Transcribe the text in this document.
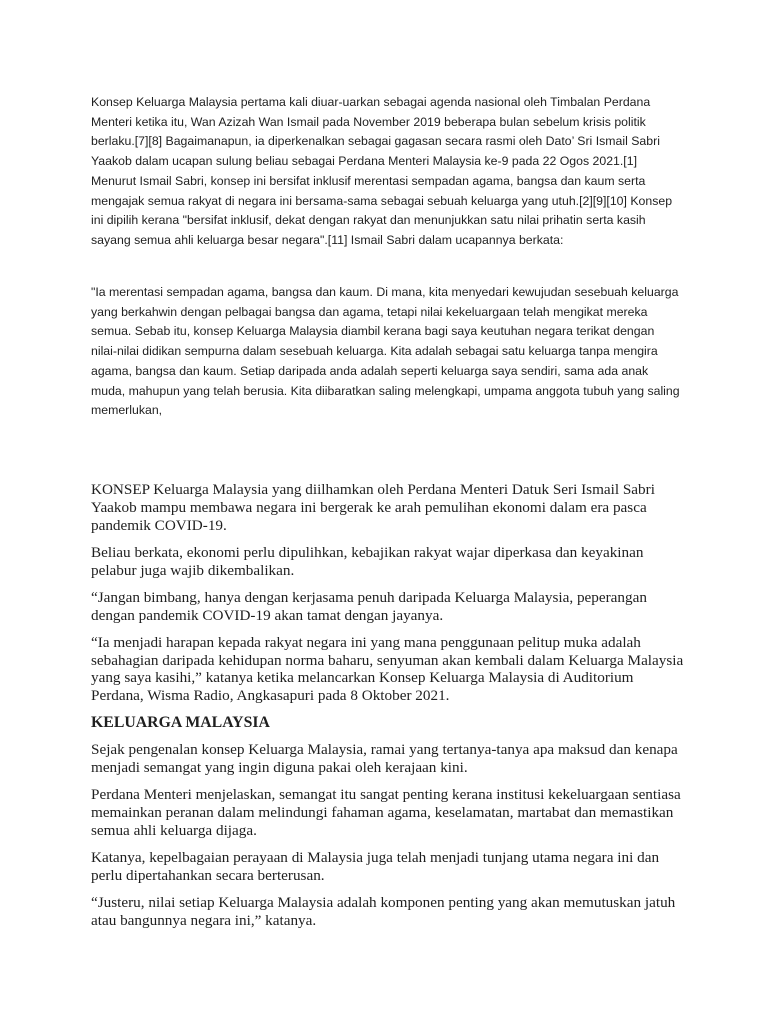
Konsep Keluarga Malaysia pertama kali diuar-uarkan sebagai agenda nasional oleh Timbalan Perdana Menteri ketika itu, Wan Azizah Wan Ismail pada November 2019 beberapa bulan sebelum krisis politik berlaku.[7][8] Bagaimanapun, ia diperkenalkan sebagai gagasan secara rasmi oleh Dato’ Sri Ismail Sabri Yaakob dalam ucapan sulung beliau sebagai Perdana Menteri Malaysia ke-9 pada 22 Ogos 2021.[1] Menurut Ismail Sabri, konsep ini bersifat inklusif merentasi sempadan agama, bangsa dan kaum serta mengajak semua rakyat di negara ini bersama-sama sebagai sebuah keluarga yang utuh.[2][9][10] Konsep ini dipilih kerana "bersifat inklusif, dekat dengan rakyat dan menunjukkan satu nilai prihatin serta kasih sayang semua ahli keluarga besar negara".[11] Ismail Sabri dalam ucapannya berkata:

"Ia merentasi sempadan agama, bangsa dan kaum. Di mana, kita menyedari kewujudan sesebuah keluarga yang berkahwin dengan pelbagai bangsa dan agama, tetapi nilai kekeluargaan telah mengikat mereka semua. Sebab itu, konsep Keluarga Malaysia diambil kerana bagi saya keutuhan negara terikat dengan nilai-nilai didikan sempurna dalam sesebuah keluarga. Kita adalah sebagai satu keluarga tanpa mengira agama, bangsa dan kaum. Setiap daripada anda adalah seperti keluarga saya sendiri, sama ada anak muda, mahupun yang telah berusia. Kita diibaratkan saling melengkapi, umpama anggota tubuh yang saling memerlukan,

KONSEP Keluarga Malaysia yang diilhamkan oleh Perdana Menteri Datuk Seri Ismail Sabri Yaakob mampu membawa negara ini bergerak ke arah pemulihan ekonomi dalam era pasca pandemik COVID-19.

Beliau berkata, ekonomi perlu dipulihkan, kebajikan rakyat wajar diperkasa dan keyakinan pelabur juga wajib dikembalikan.

“Jangan bimbang, hanya dengan kerjasama penuh daripada Keluarga Malaysia, peperangan dengan pandemik COVID-19 akan tamat dengan jayanya.

“Ia menjadi harapan kepada rakyat negara ini yang mana penggunaan pelitup muka adalah sebahagian daripada kehidupan norma baharu, senyuman akan kembali dalam Keluarga Malaysia yang saya kasihi,” katanya ketika melancarkan Konsep Keluarga Malaysia di Auditorium Perdana, Wisma Radio, Angkasapuri pada 8 Oktober 2021.

KELUARGA MALAYSIA

Sejak pengenalan konsep Keluarga Malaysia, ramai yang tertanya-tanya apa maksud dan kenapa menjadi semangat yang ingin diguna pakai oleh kerajaan kini.

Perdana Menteri menjelaskan, semangat itu sangat penting kerana institusi kekeluargaan sentiasa memainkan peranan dalam melindungi fahaman agama, keselamatan, martabat dan memastikan semua ahli keluarga dijaga.

Katanya, kepelbagaian perayaan di Malaysia juga telah menjadi tunjang utama negara ini dan perlu dipertahankan secara berterusan.

“Justeru, nilai setiap Keluarga Malaysia adalah komponen penting yang akan memutuskan jatuh atau bangunnya negara ini,” katanya.
